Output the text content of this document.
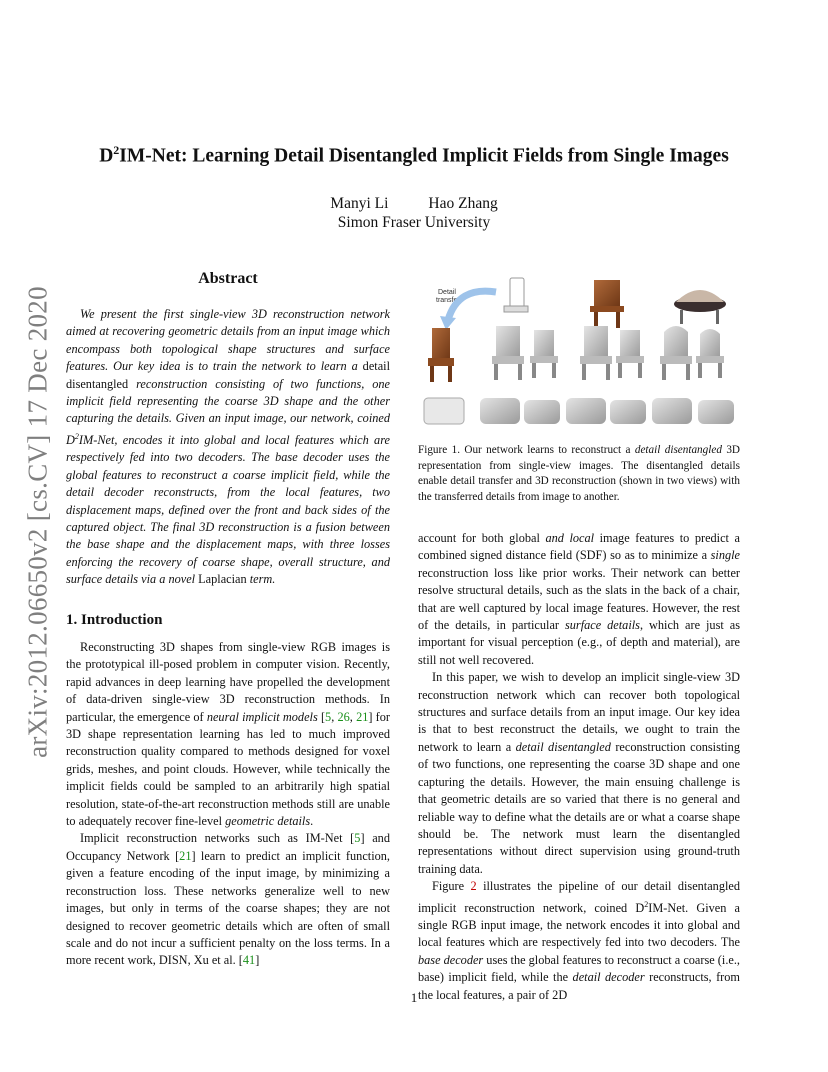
arXiv:2012.06650v2 [cs.CV] 17 Dec 2020
$D^2IM$-Net: Learning Detail Disentangled Implicit Fields from Single Images
Manyi Li	Hao Zhang
Simon Fraser University
Abstract
We present the first single-view 3D reconstruction network aimed at recovering geometric details from an input image which encompass both topological shape structures and surface features. Our key idea is to train the network to learn a detail disentangled reconstruction consisting of two functions, one implicit field representing the coarse 3D shape and the other capturing the details. Given an input image, our network, coined $D^2IM$-Net, encodes it into global and local features which are respectively fed into two decoders. The base decoder uses the global features to reconstruct a coarse implicit field, while the detail decoder reconstructs, from the local features, two displacement maps, defined over the front and back sides of the captured object. The final 3D reconstruction is a fusion between the base shape and the displacement maps, with three losses enforcing the recovery of coarse shape, overall structure, and surface details via a novel Laplacian term.
1. Introduction

Reconstructing 3D shapes from single-view RGB images is the prototypical ill-posed problem in computer vision. Recently, rapid advances in deep learning have propelled the development of data-driven single-view 3D reconstruction methods. In particular, the emergence of neural implicit models [5, 26, 21] for 3D shape representation learning has led to much improved reconstruction quality compared to methods designed for voxel grids, meshes, and point clouds. However, while technically the implicit fields could be sampled to an arbitrarily high spatial resolution, state-of-the-art reconstruction methods still are unable to adequately recover fine-level geometric details.

Implicit reconstruction networks such as IM-Net [5] and Occupancy Network [21] learn to predict an implicit function, given a feature encoding of the input image, by minimizing a reconstruction loss. These networks generalize well to new images, but only in terms of the coarse shapes; they are not designed to recover geometric details which are often of small scale and do not incur a sufficient penalty on the loss terms. In a more recent work, DISN, Xu et al. [41]

Detail
transfer
Figure 1. Our network learns to reconstruct a detail disentangled 3D representation from single-view images. The disentangled details enable detail transfer and 3D reconstruction (shown in two views) with the transferred details from image to another.

account for both global and local image features to predict a combined signed distance field (SDF) so as to minimize a single reconstruction loss like prior works. Their network can better resolve structural details, such as the slats in the back of a chair, that are well captured by local image features. However, the rest of the details, in particular surface details, which are just as important for visual perception (e.g., of depth and material), are still not well recovered.

In this paper, we wish to develop an implicit single-view 3D reconstruction network which can recover both topological structures and surface details from an input image. Our key idea is that to best reconstruct the details, we ought to train the network to learn a detail disentangled reconstruction consisting of two functions, one representing the coarse 3D shape and one capturing the details. However, the main ensuing challenge is that geometric details are so varied that there is no general and reliable way to define what the details are or what a coarse shape should be. The network must learn the disentangled representations without direct supervision using ground-truth training data.

Figure 2 illustrates the pipeline of our detail disentangled implicit reconstruction network, coined $D^2IM$-Net. Given a single RGB input image, the network encodes it into global and local features which are respectively fed into two decoders. The base decoder uses the global features to reconstruct a coarse (i.e., base) implicit field, while the detail decoder reconstructs, from the local features, a pair of 2D

1
